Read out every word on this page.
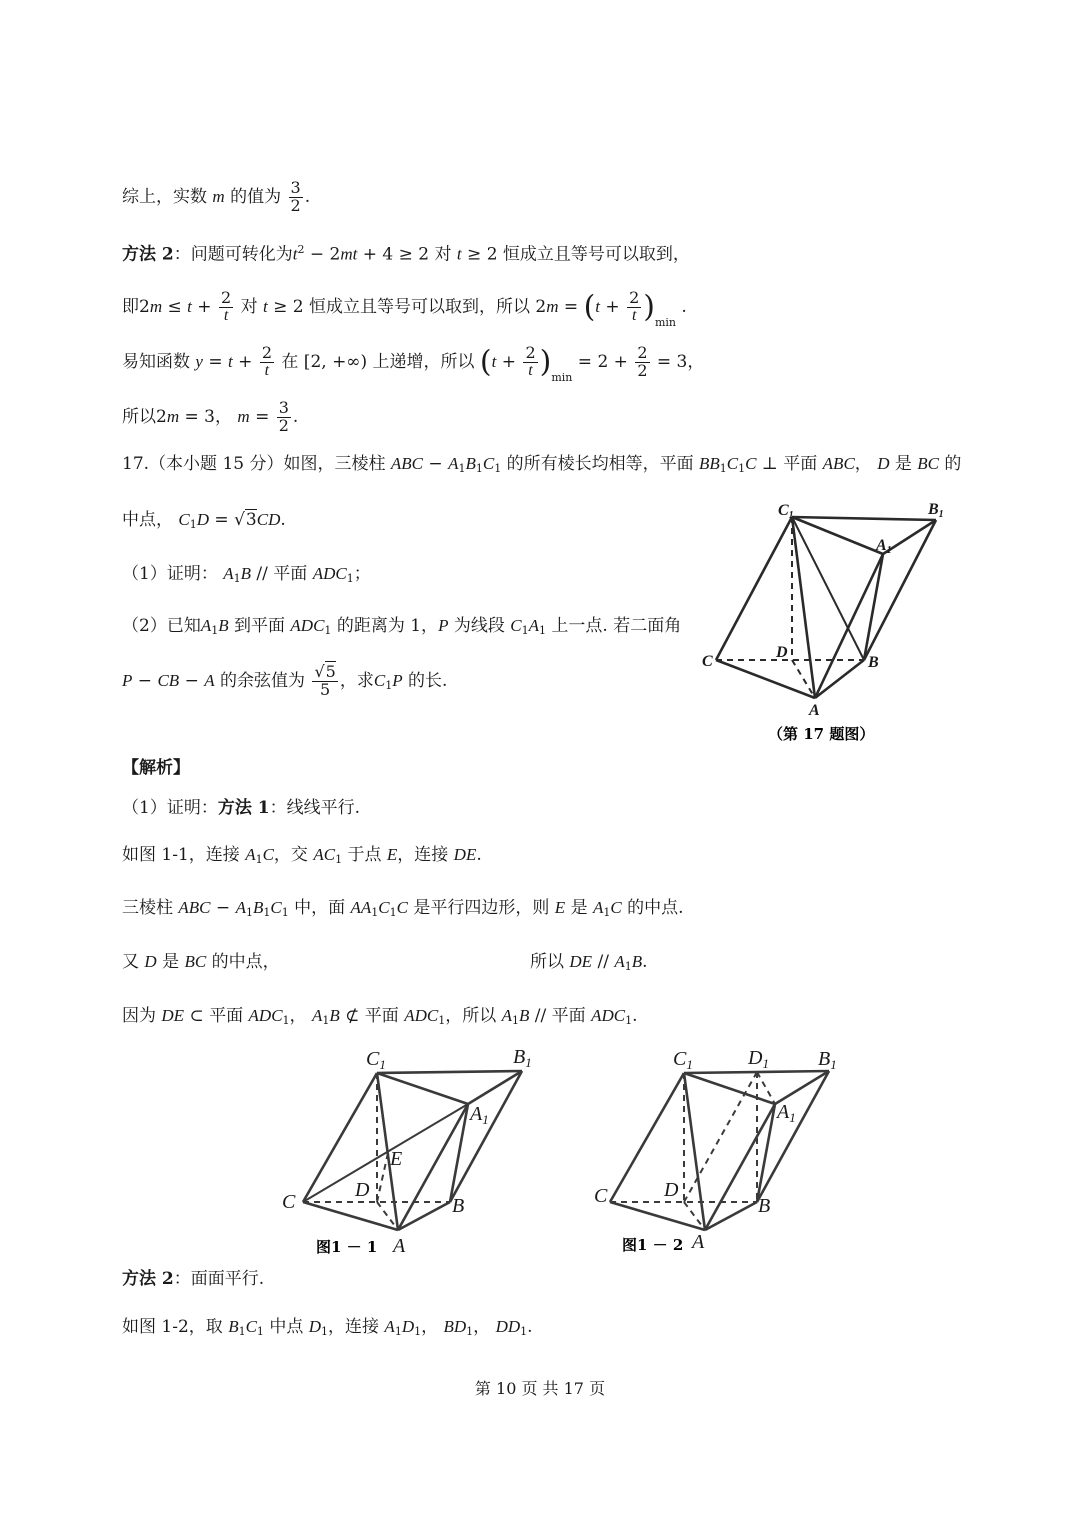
综上，实数 m 的值为 $\frac{3}{2}$ .
方法 2：问题可转化为$t^2 - 2mt + 4 \ge 2$ 对 t ≥ 2 恒成立且等号可以取到，
即$2m \le t + \frac{2}{t}$ 对 t ≥ 2 恒成立且等号可以取到，所以 $2m = (t + \frac{2}{t} )_{min}$ .
易知函数 $y = t + \frac{2}{t}$ 在 [2, +∞) 上递增，所以 $(t + \frac{2}{t} )_{min} = 2 + \frac{2}{2} = 3$，
所以2m = 3， $m = \frac{3}{2}$ .
17.（本小题 15 分）如图，三棱柱 ABC − $A_1B_1C_1$ 的所有棱长均相等，平面 $BB_1C_1C$ ⊥ 平面 ABC， D 是 BC 的
中点， $C_1D = √3CD$.
（1）证明： $A_1B$ // 平面 $ADC_1$；
（2）已知$A_1B$ 到平面 $ADC_1$ 的距离为 1，P 为线段 $C_1A_1$ 上一点. 若二面角
P − CB − A 的余弦值为 $\frac{√5}{5}$ ，求$C_1P$ 的长.
C1	B1
A1
C
D
B
A
（第 17 题图）
【解析】
（1）证明：方法 1：线线平行.
如图 1-1，连接 $A_1C$，交 $AC_1$ 于点 E，连接 DE.
三棱柱 ABC − $A_1B_1C_1$ 中，面 $AA_1C_1C$ 是平行四边形，则 E 是 $A_1C$ 的中点.
又 D 是 BC 的中点，	所以 DE // $A_1B$.
因为 DE ⊂ 平面 $ADC_1$， $A_1B$ ⊄ 平面 $ADC_1$，所以 $A_1B$ // 平面 $ADC_1$.
$C_1$	$B_1$
$A_1$
E
C
D
B
A
图1 － 1
$C_1$	$D_1$ $B_1$
$A_1$
C	D
B
A
图1 － 2
方法 2：面面平行.
如图 1-2，取 $B_1C_1$ 中点 $D_1$，连接 $A_1D_1$， $BD_1$， $DD_1$.
第 10 页 共 17 页
